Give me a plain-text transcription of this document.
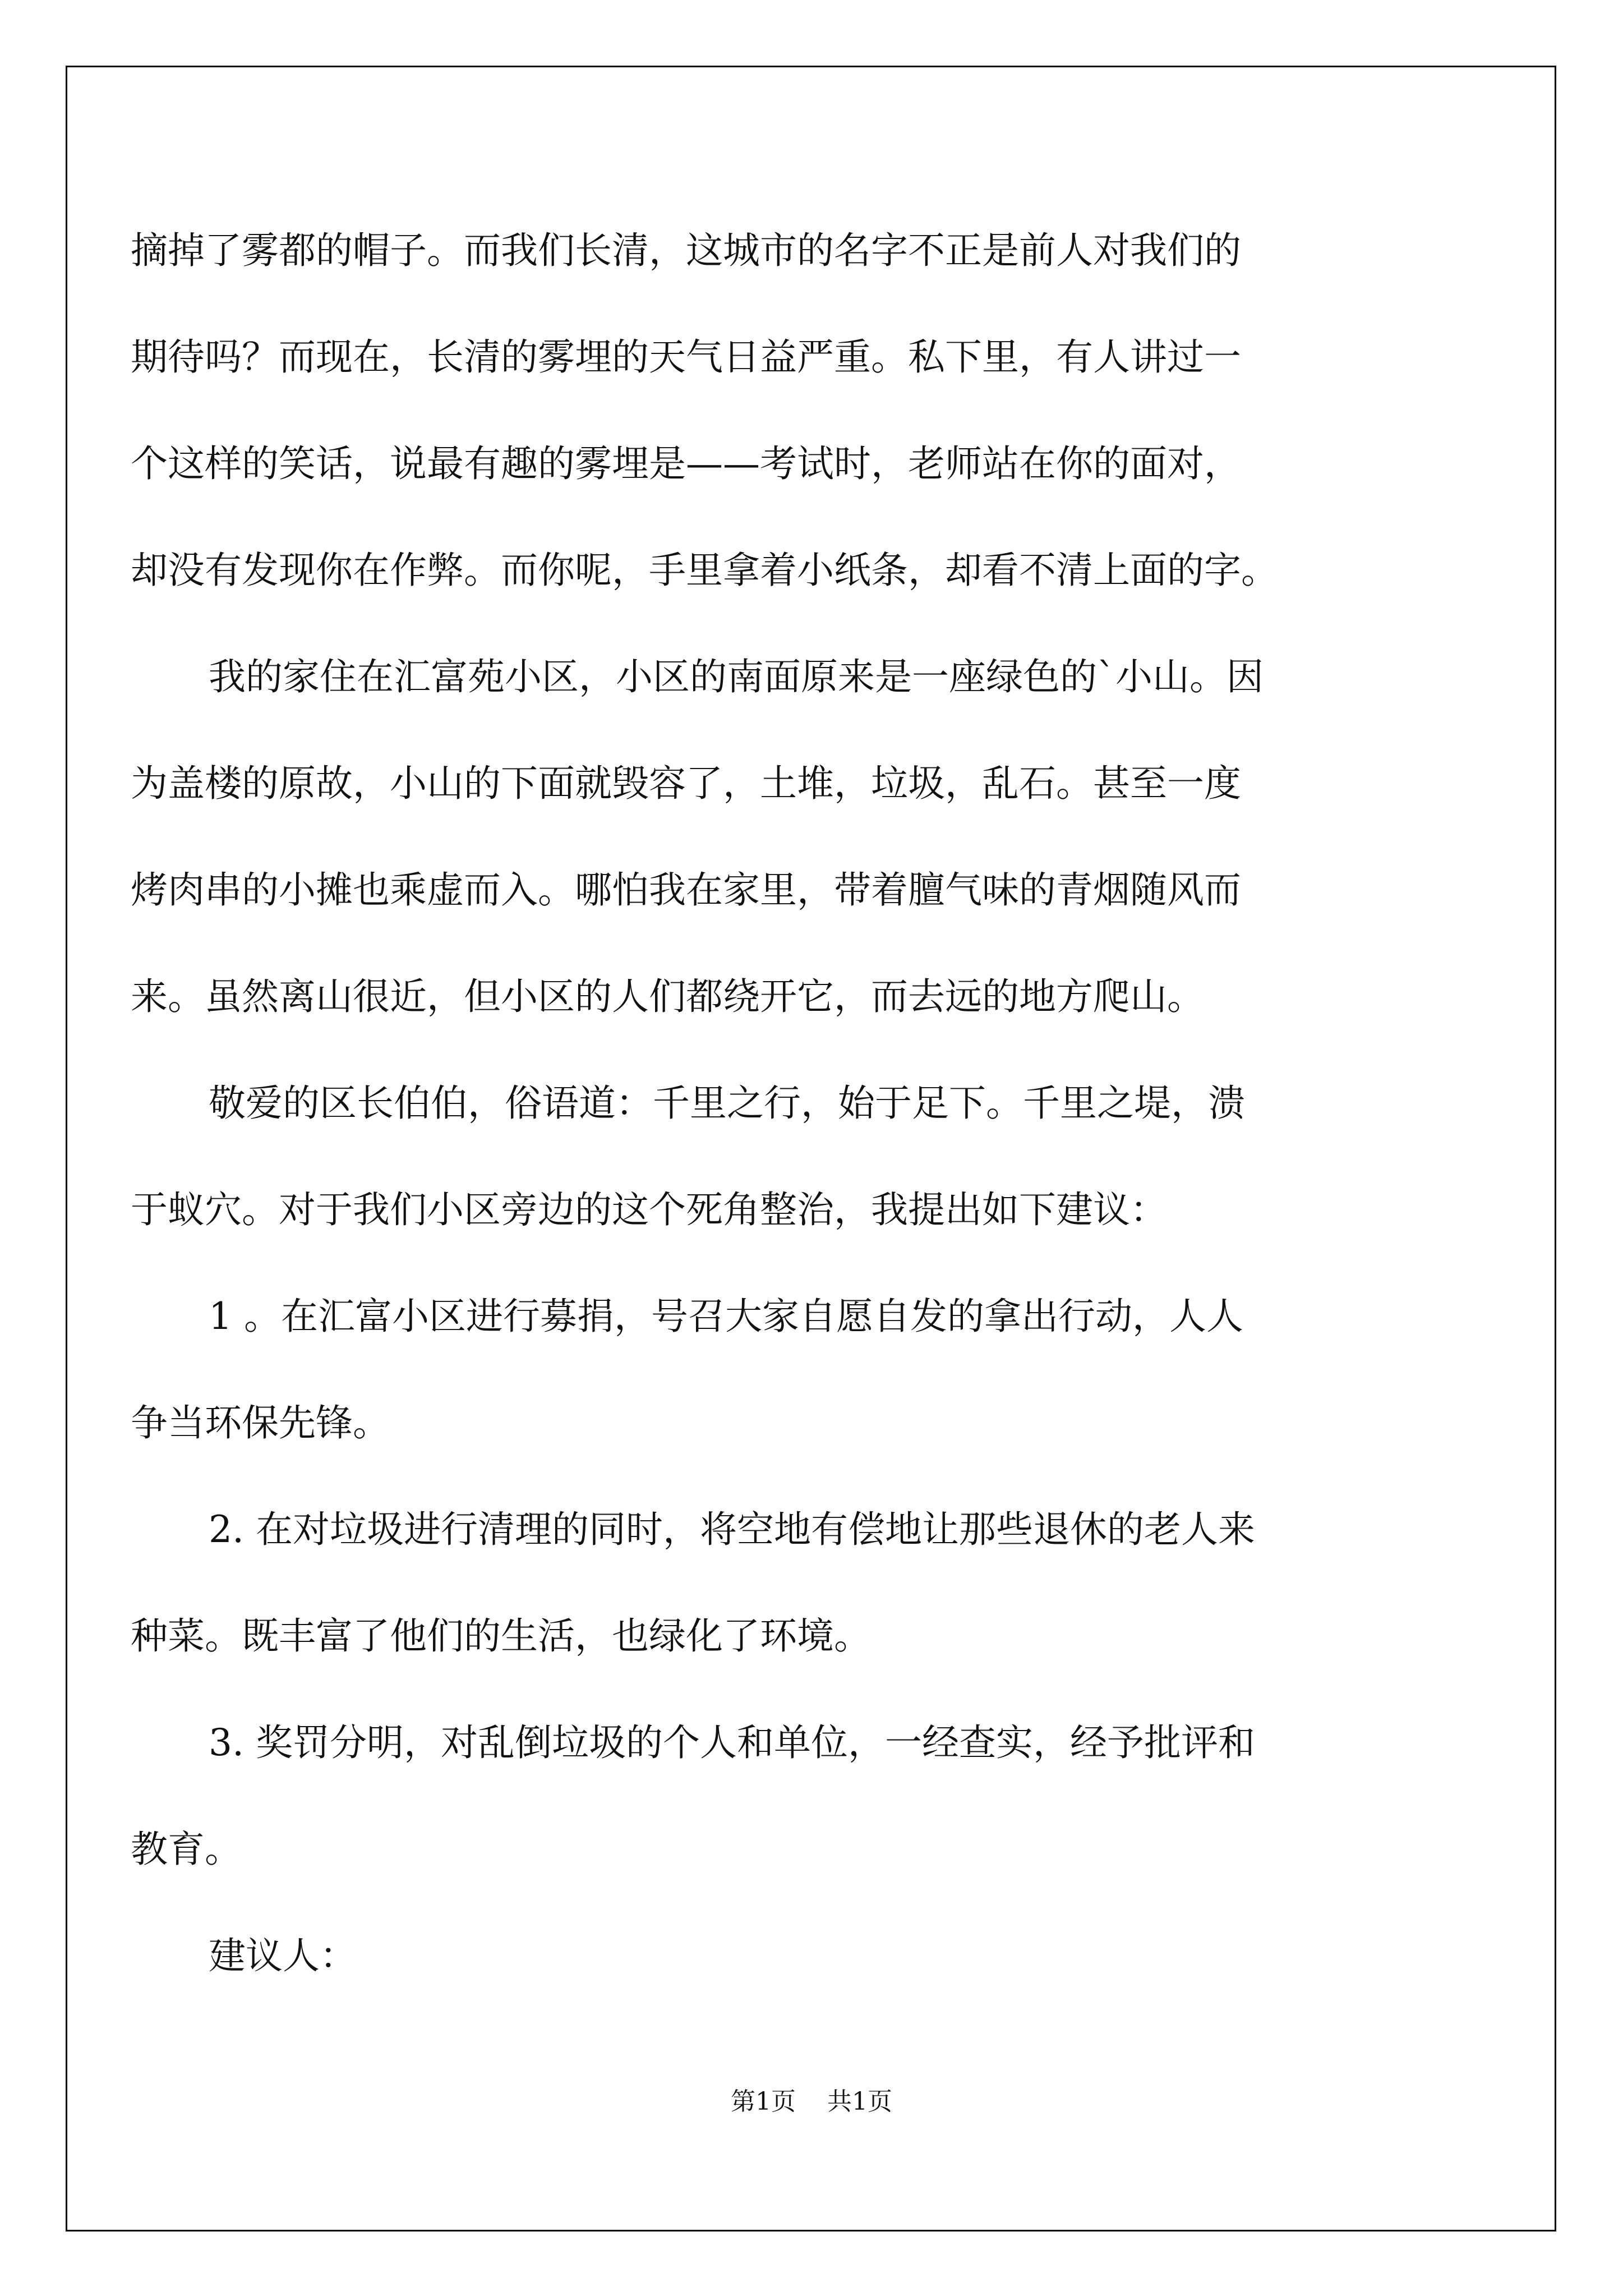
摘掉了雾都的帽子。而我们长清，这城市的名字不正是前人对我们的
期待吗？而现在，长清的雾埋的天气日益严重。私下里，有人讲过一
个这样的笑话，说最有趣的雾埋是——考试时，老师站在你的面对，
却没有发现你在作弊。而你呢，手里拿着小纸条，却看不清上面的字。
我的家住在汇富苑小区，小区的南面原来是一座绿色的`小山。因
为盖楼的原故，小山的下面就毁容了，土堆，垃圾，乱石。甚至一度
烤肉串的小摊也乘虚而入。哪怕我在家里，带着膻气味的青烟随风而
来。虽然离山很近，但小区的人们都绕开它，而去远的地方爬山。
敬爱的区长伯伯，俗语道：千里之行，始于足下。千里之堤，溃
于蚁穴。对于我们小区旁边的这个死角整治，我提出如下建议：
1 。在汇富小区进行募捐，号召大家自愿自发的拿出行动，人人
争当环保先锋。
2. 在对垃圾进行清理的同时，将空地有偿地让那些退休的老人来
种菜。既丰富了他们的生活，也绿化了环境。
3. 奖罚分明，对乱倒垃圾的个人和单位，一经查实，经予批评和
教育。
建议人：
第1页 共1页
